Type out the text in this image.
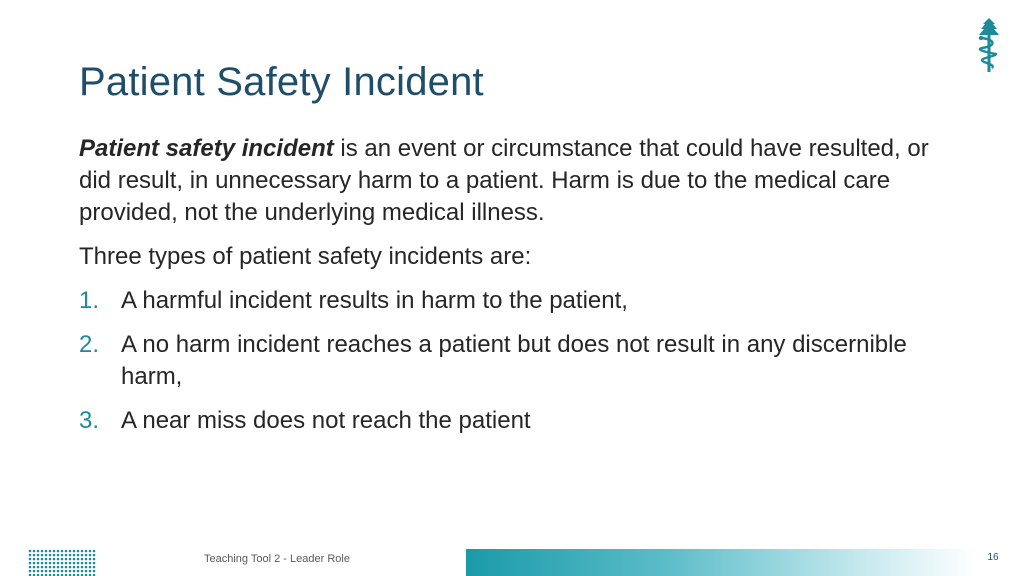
Patient Safety Incident

Patient safety incident is an event or circumstance that could have resulted, or did result, in unnecessary harm to a patient. Harm is due to the medical care provided, not the underlying medical illness.

Three types of patient safety incidents are:

1. A harmful incident results in harm to the patient,
2. A no harm incident reaches a patient but does not result in any discernible harm,
3. A near miss does not reach the patient
Teaching Tool 2 - Leader Role	16
